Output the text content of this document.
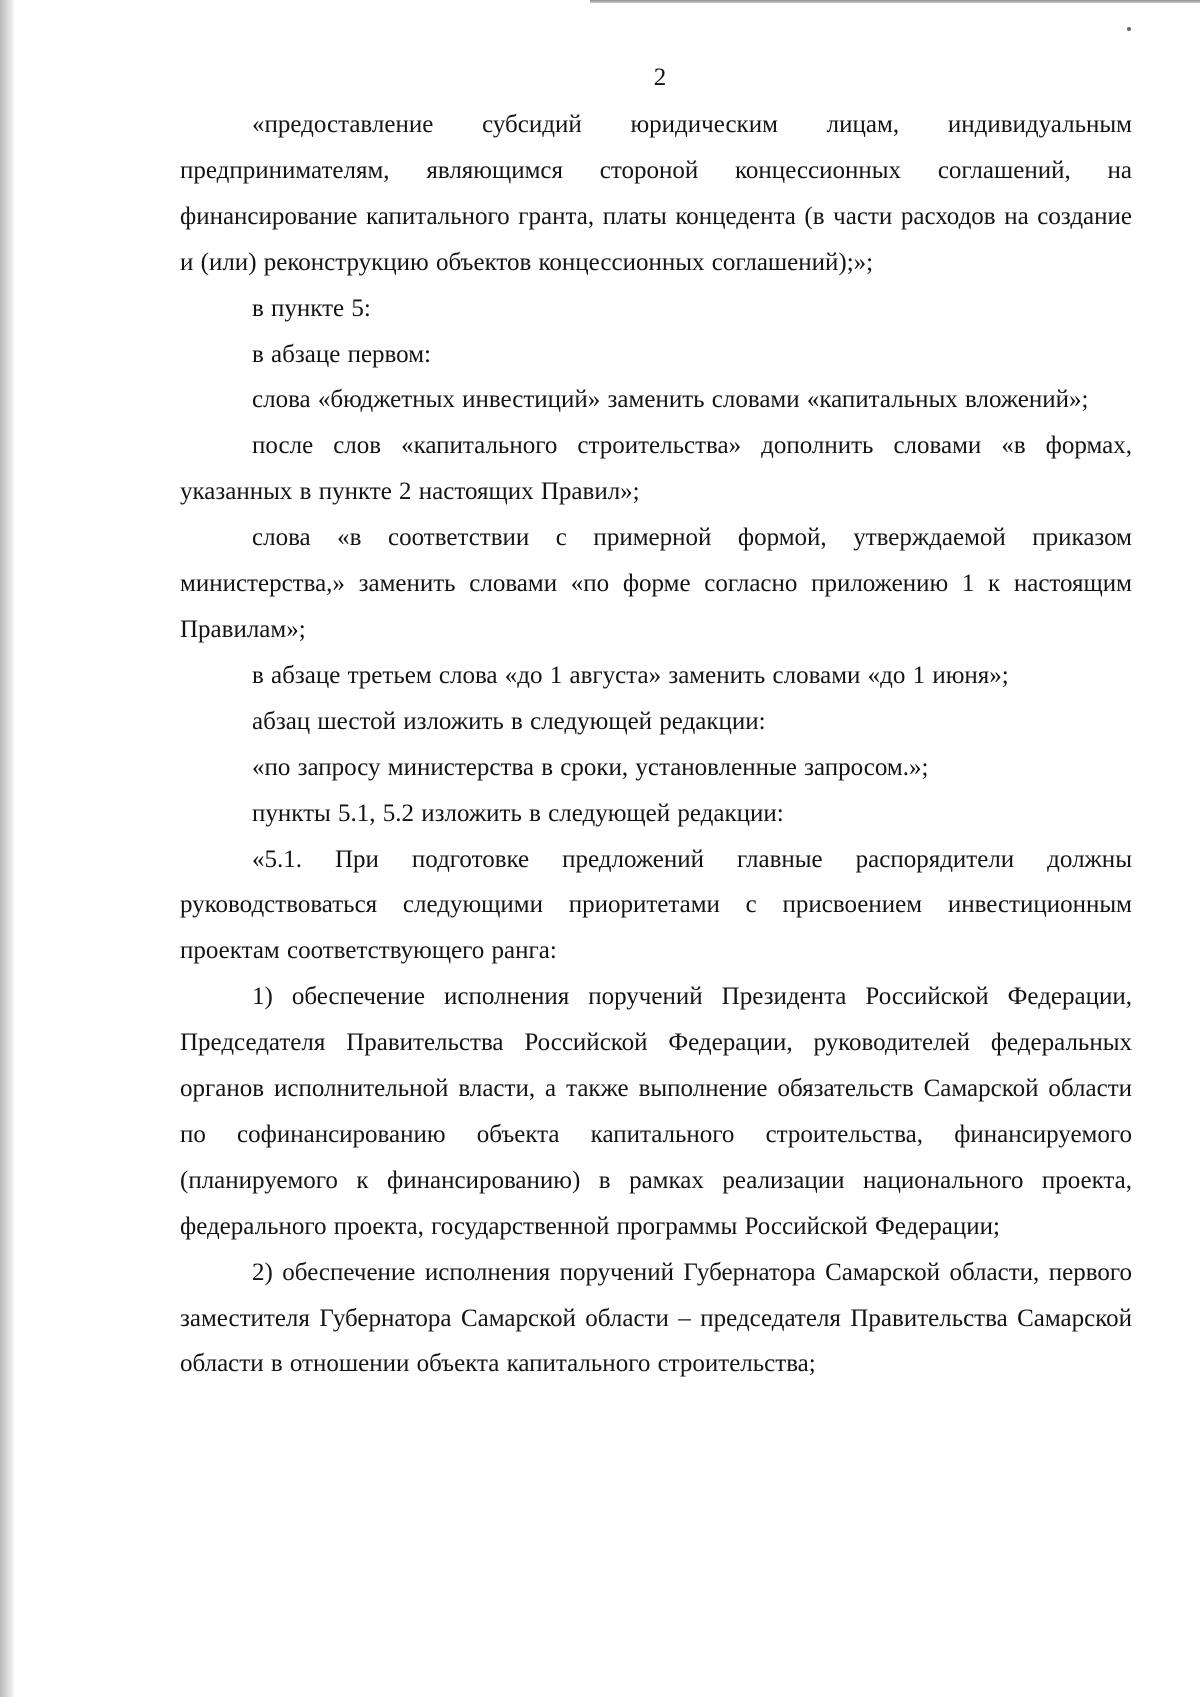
2

«предоставление субсидий юридическим лицам, индивидуальным предпринимателям, являющимся стороной концессионных соглашений, на финансирование капитального гранта, платы концедента (в части расходов на создание и (или) реконструкцию объектов концессионных соглашений);»;

в пункте 5:

в абзаце первом:

слова «бюджетных инвестиций» заменить словами «капитальных вложений»;

после слов «капитального строительства» дополнить словами «в формах, указанных в пункте 2 настоящих Правил»;

слова «в соответствии с примерной формой, утверждаемой приказом министерства,» заменить словами «по форме согласно приложению 1 к настоящим Правилам»;

в абзаце третьем слова «до 1 августа» заменить словами «до 1 июня»;

абзац шестой изложить в следующей редакции:

«по запросу министерства в сроки, установленные запросом.»;

пункты 5.1, 5.2 изложить в следующей редакции:

«5.1. При подготовке предложений главные распорядители должны руководствоваться следующими приоритетами с присвоением инвестиционным проектам соответствующего ранга:

1) обеспечение исполнения поручений Президента Российской Федерации, Председателя Правительства Российской Федерации, руководителей федеральных органов исполнительной власти, а также выполнение обязательств Самарской области по софинансированию объекта капитального строительства, финансируемого (планируемого к финансированию) в рамках реализации национального проекта, федерального проекта, государственной программы Российской Федерации;

2) обеспечение исполнения поручений Губернатора Самарской области, первого заместителя Губернатора Самарской области – председателя Правительства Самарской области в отношении объекта капитального строительства;
